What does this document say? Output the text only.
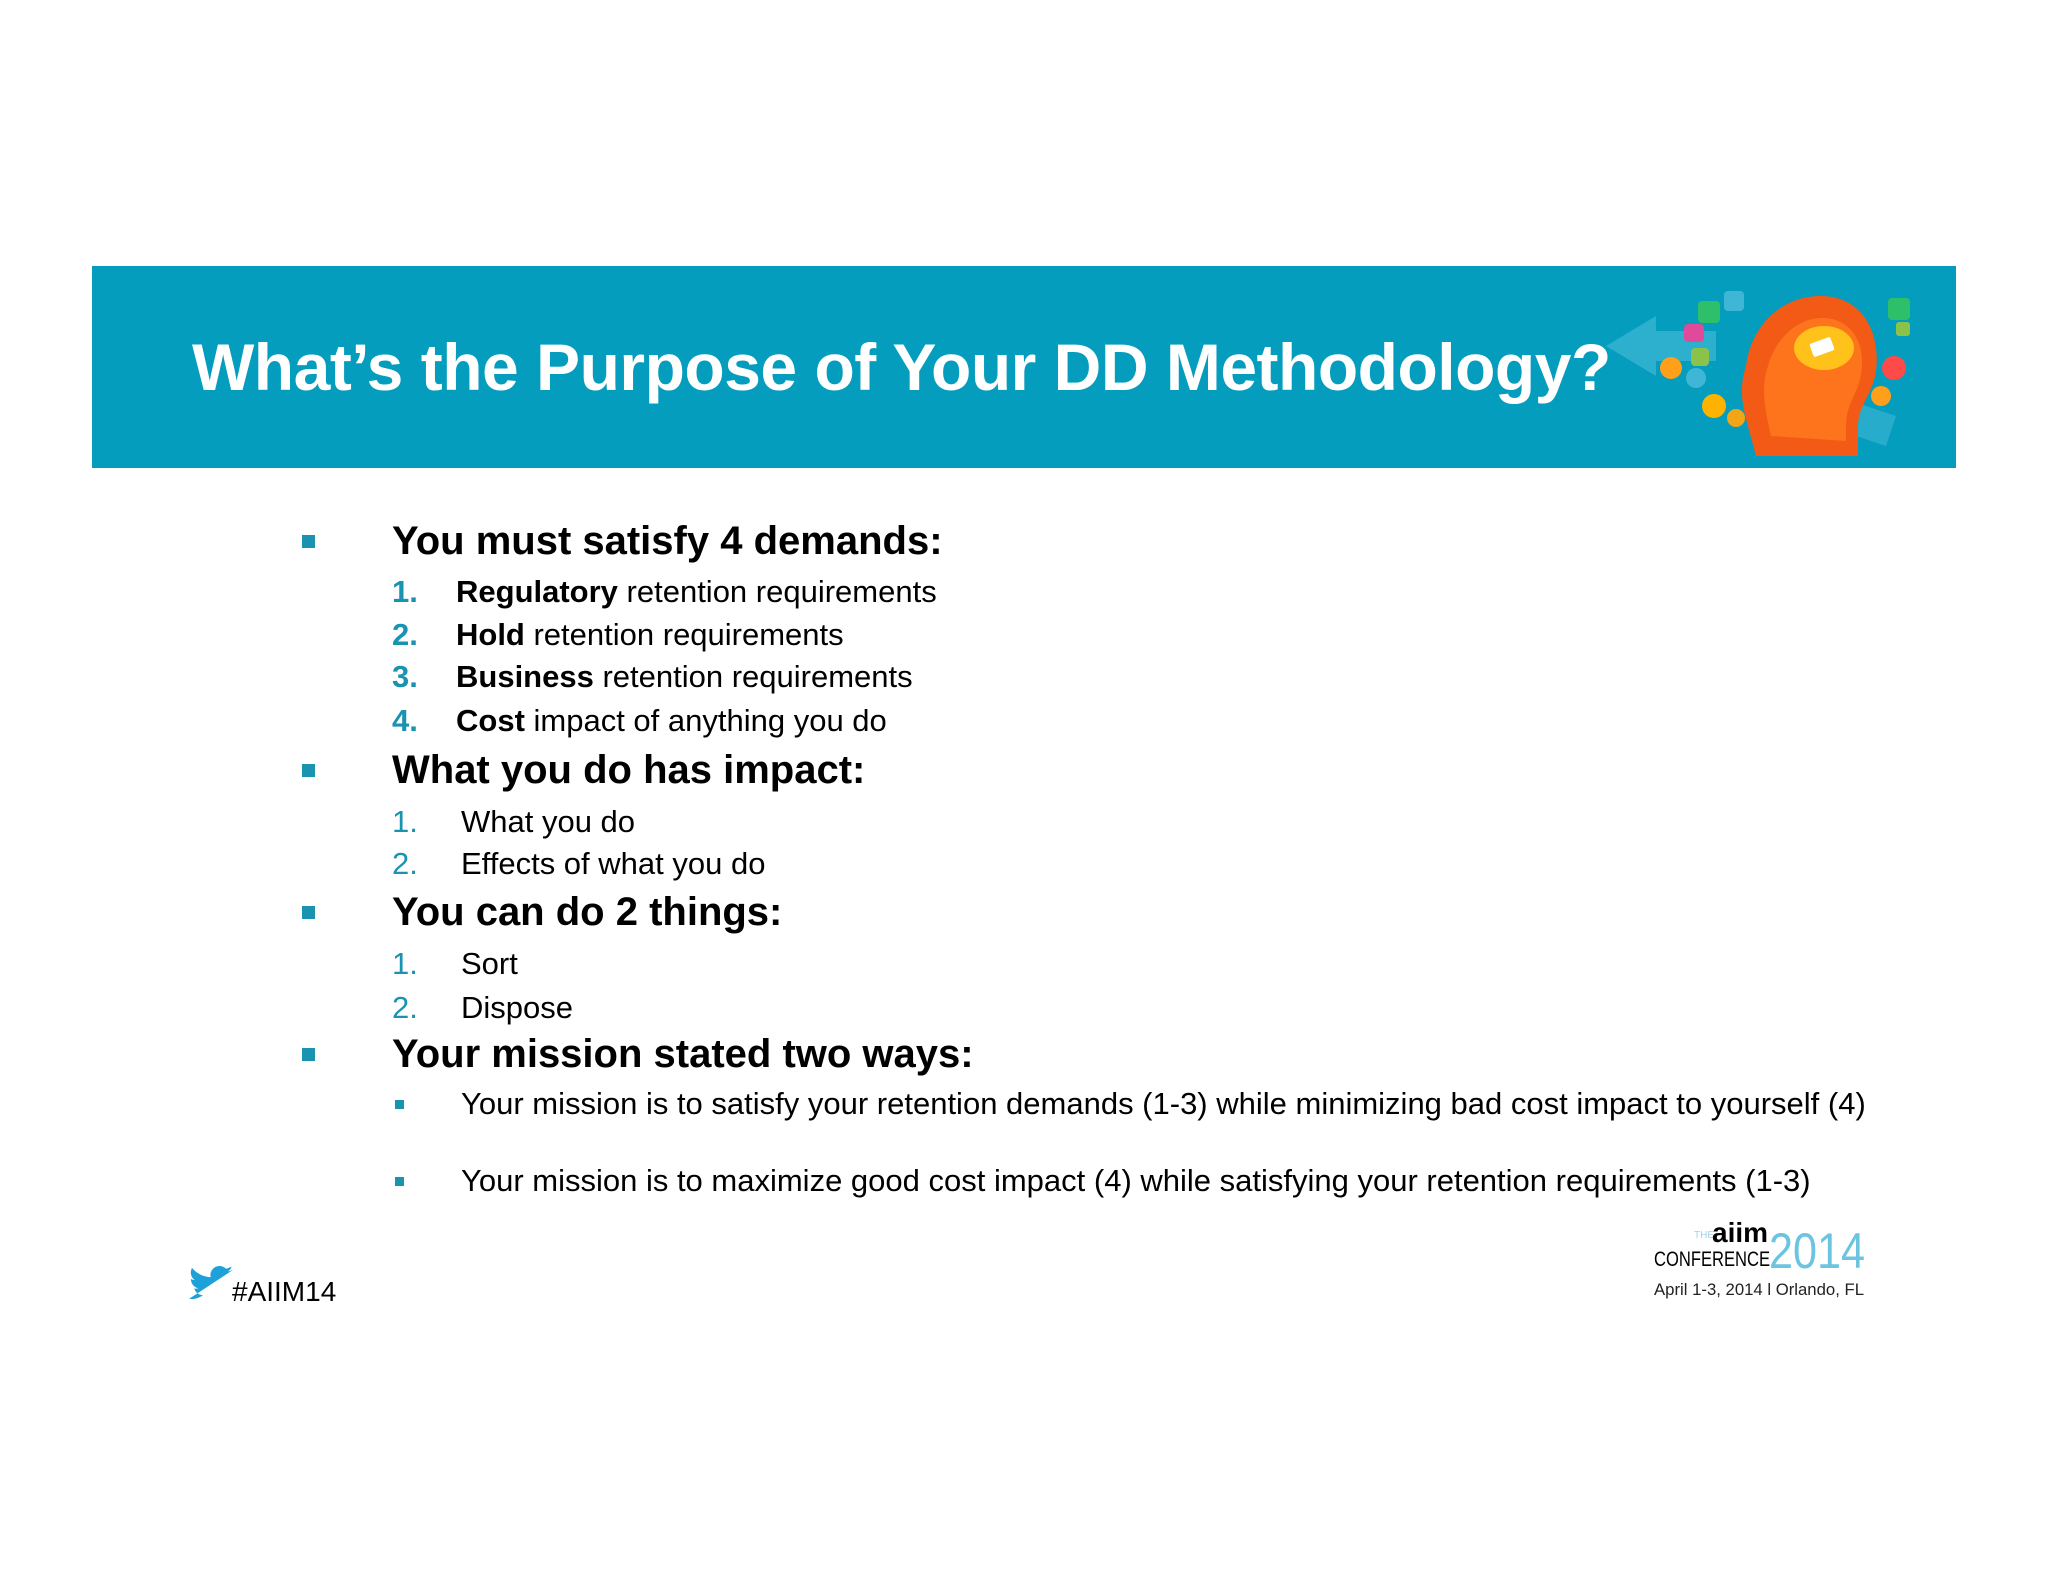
What’s the Purpose of Your DD Methodology?
You must satisfy 4 demands:
1. Regulatory retention requirements
2. Hold retention requirements
3. Business retention requirements
4. Cost impact of anything you do
What you do has impact:
1. What you do
2. Effects of what you do
You can do 2 things:
1. Sort
2. Dispose
Your mission stated two ways:
Your mission is to satisfy your retention demands (1-3) while minimizing bad cost impact to yourself (4)
Your mission is to maximize good cost impact (4) while satisfying your retention requirements (1-3)
#AIIM14
THE
aiim
CONFERENCE 2014
April 1-3, 2014 l Orlando, FL
